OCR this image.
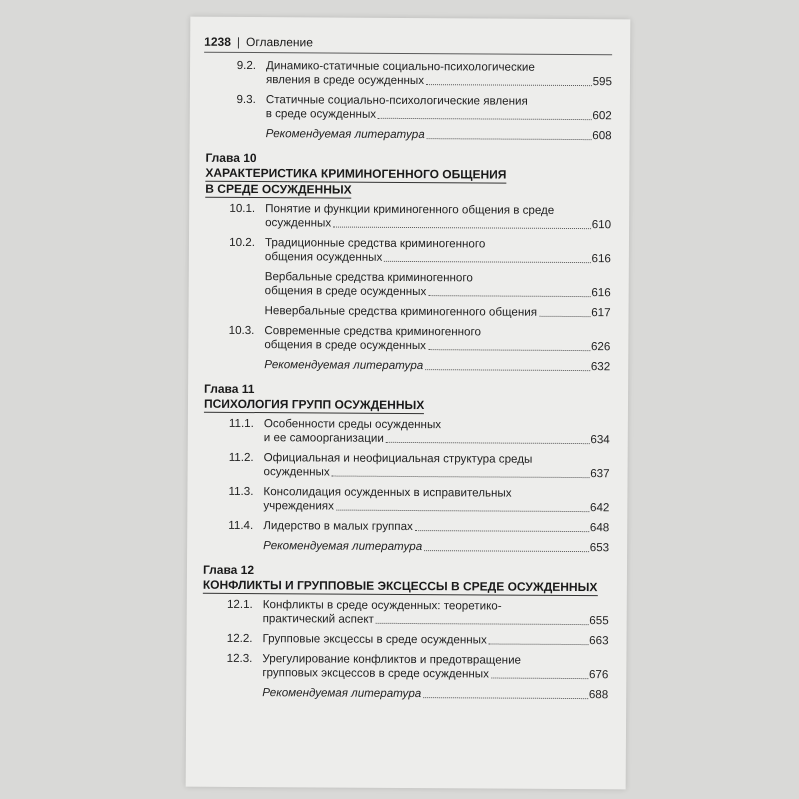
1238 | Оглавление
9.2. Динамико-статичные социально-психологические
явления в среде осужденных	595
9.3. Статичные социально-психологические явления
в среде осужденных	602
Рекомендуемая литература	608
Глава 10
ХАРАКТЕРИСТИКА КРИМИНОГЕННОГО ОБЩЕНИЯ
В СРЕДЕ ОСУЖДЕННЫХ
10.1. Понятие и функции криминогенного общения в среде
осужденных	610
10.2. Традиционные средства криминогенного
общения осужденных	616
Вербальные средства криминогенного
общения в среде осужденных	616
Невербальные средства криминогенного общения	617
10.3. Современные средства криминогенного
общения в среде осужденных	626
Рекомендуемая литература	632
Глава 11
ПСИХОЛОГИЯ ГРУПП ОСУЖДЕННЫХ
11.1. Особенности среды осужденных
и ее самоорганизации	634
11.2. Официальная и неофициальная структура среды
осужденных	637
11.3. Консолидация осужденных в исправительных
учреждениях	642
11.4. Лидерство в малых группах	648
Рекомендуемая литература	653
Глава 12
КОНФЛИКТЫ И ГРУППОВЫЕ ЭКСЦЕССЫ В СРЕДЕ ОСУЖДЕННЫХ
12.1. Конфликты в среде осужденных: теоретико-
практический аспект	655
12.2. Групповые эксцессы в среде осужденных	663
12.3. Урегулирование конфликтов и предотвращение
групповых эксцессов в среде осужденных	676
Рекомендуемая литература	688
